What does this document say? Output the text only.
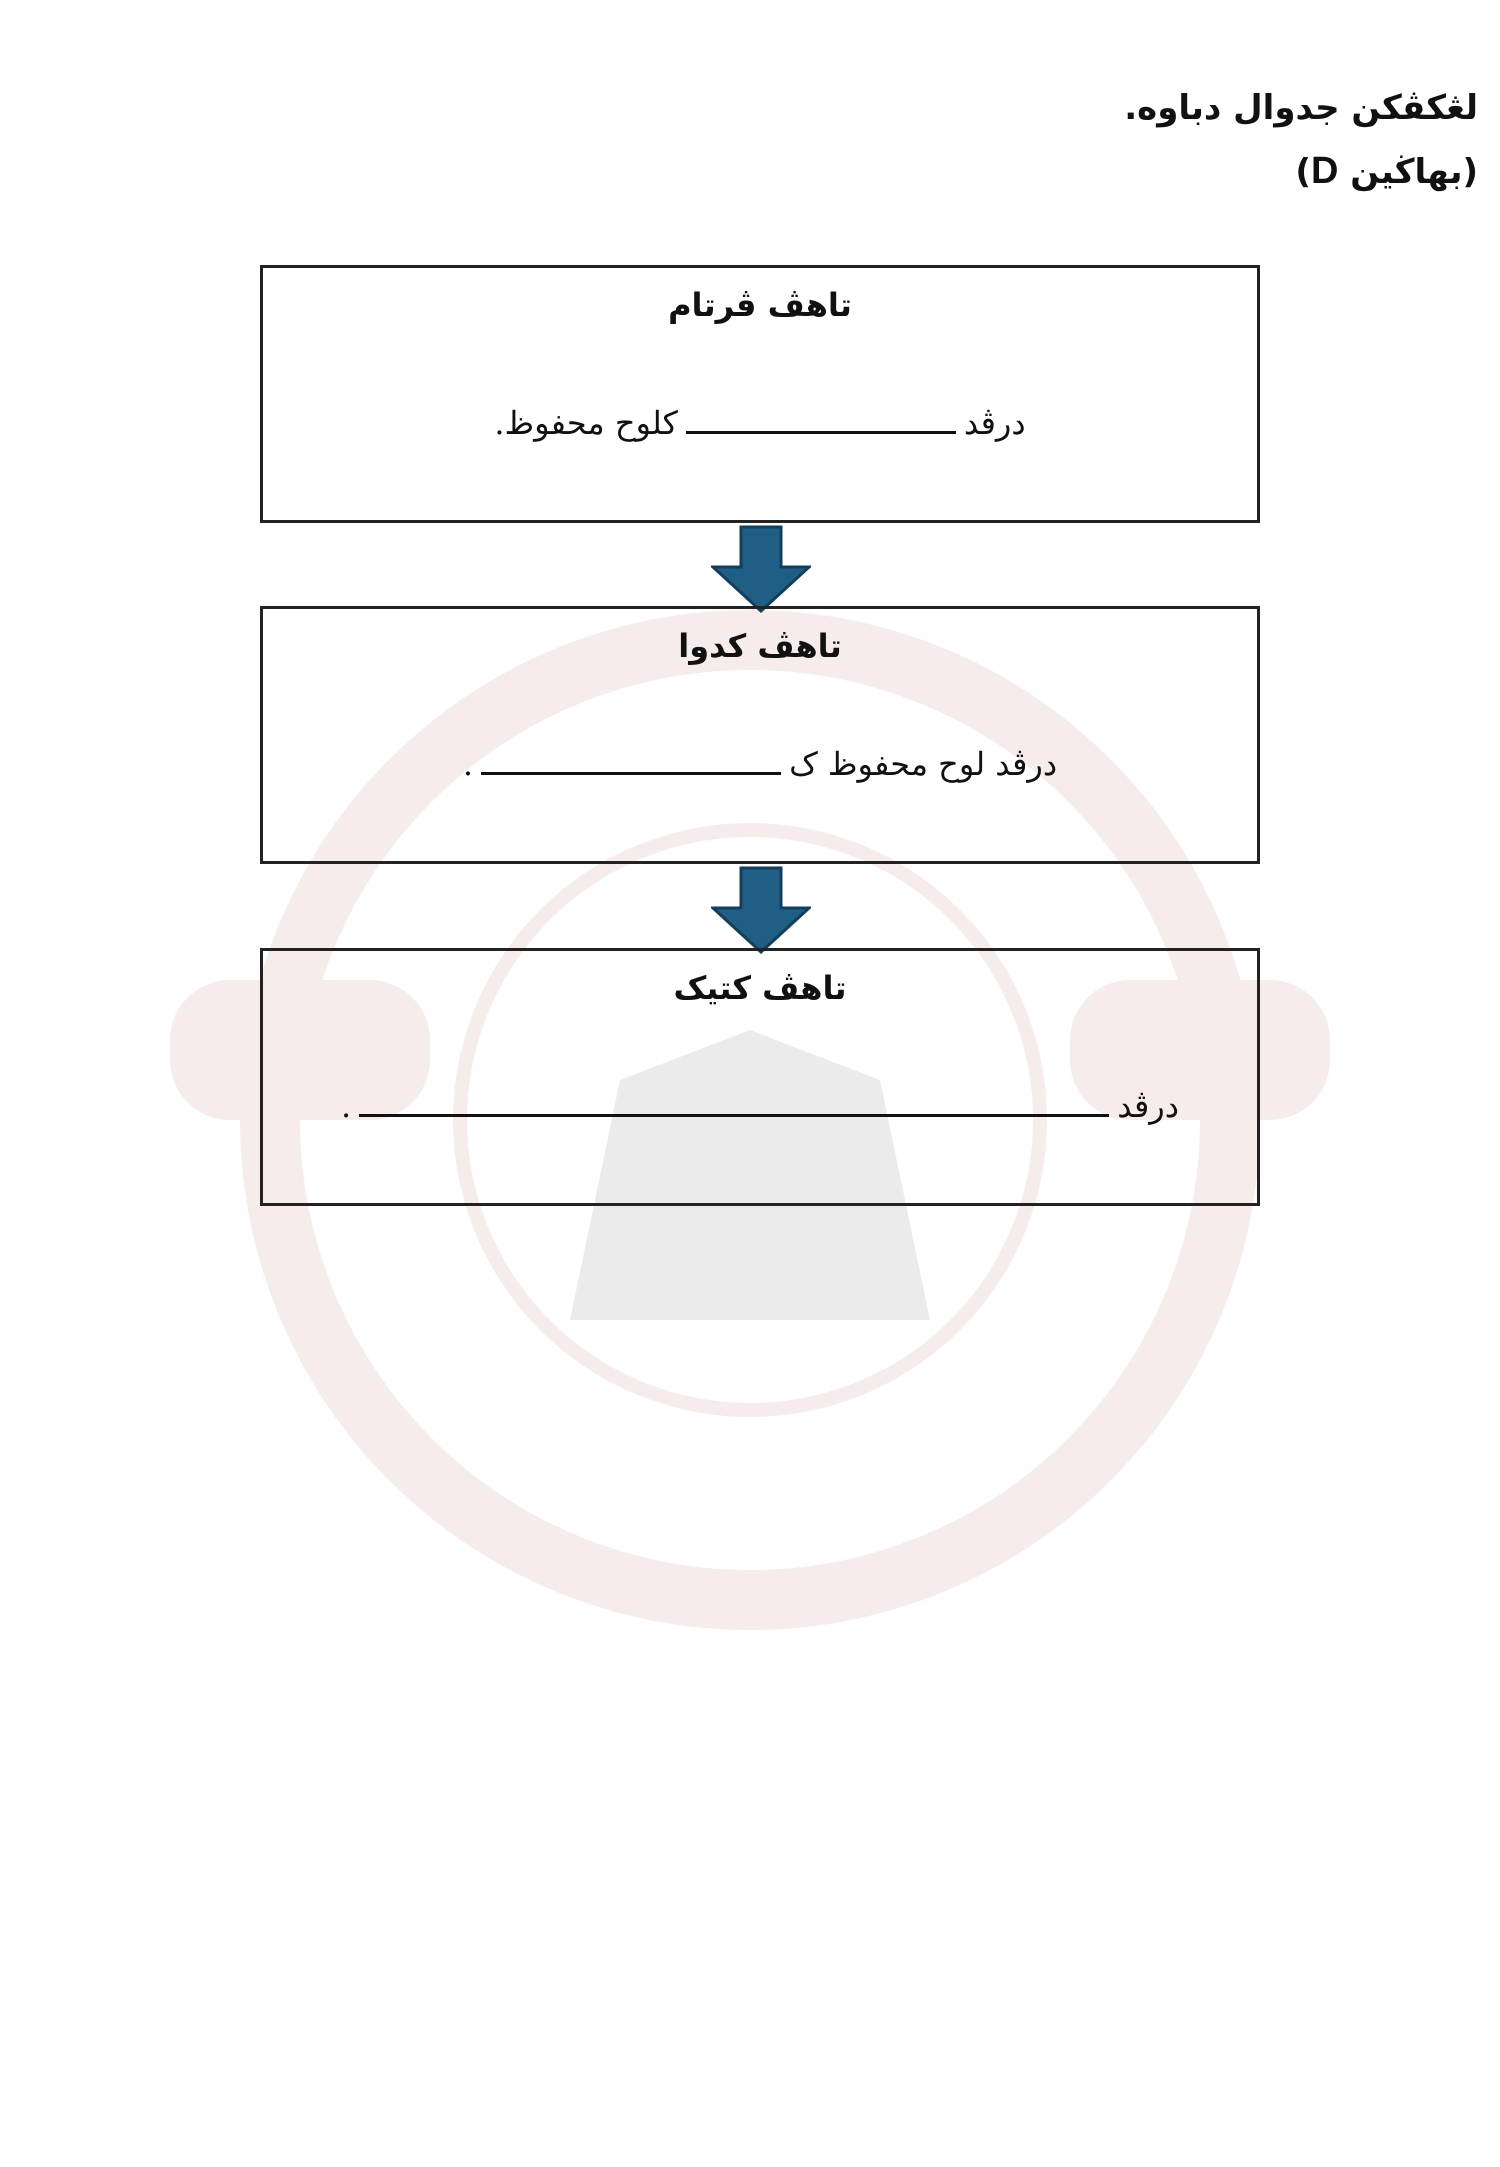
لڠكڤكن جدوال دباوه.
(بهاڬين D)
تاهڤ ڤرتام
درڤدكلوح محفوظ.
تاهڤ كدوا
درڤد لوح محفوظ ک.
تاهڤ كتيک
درڤد.
